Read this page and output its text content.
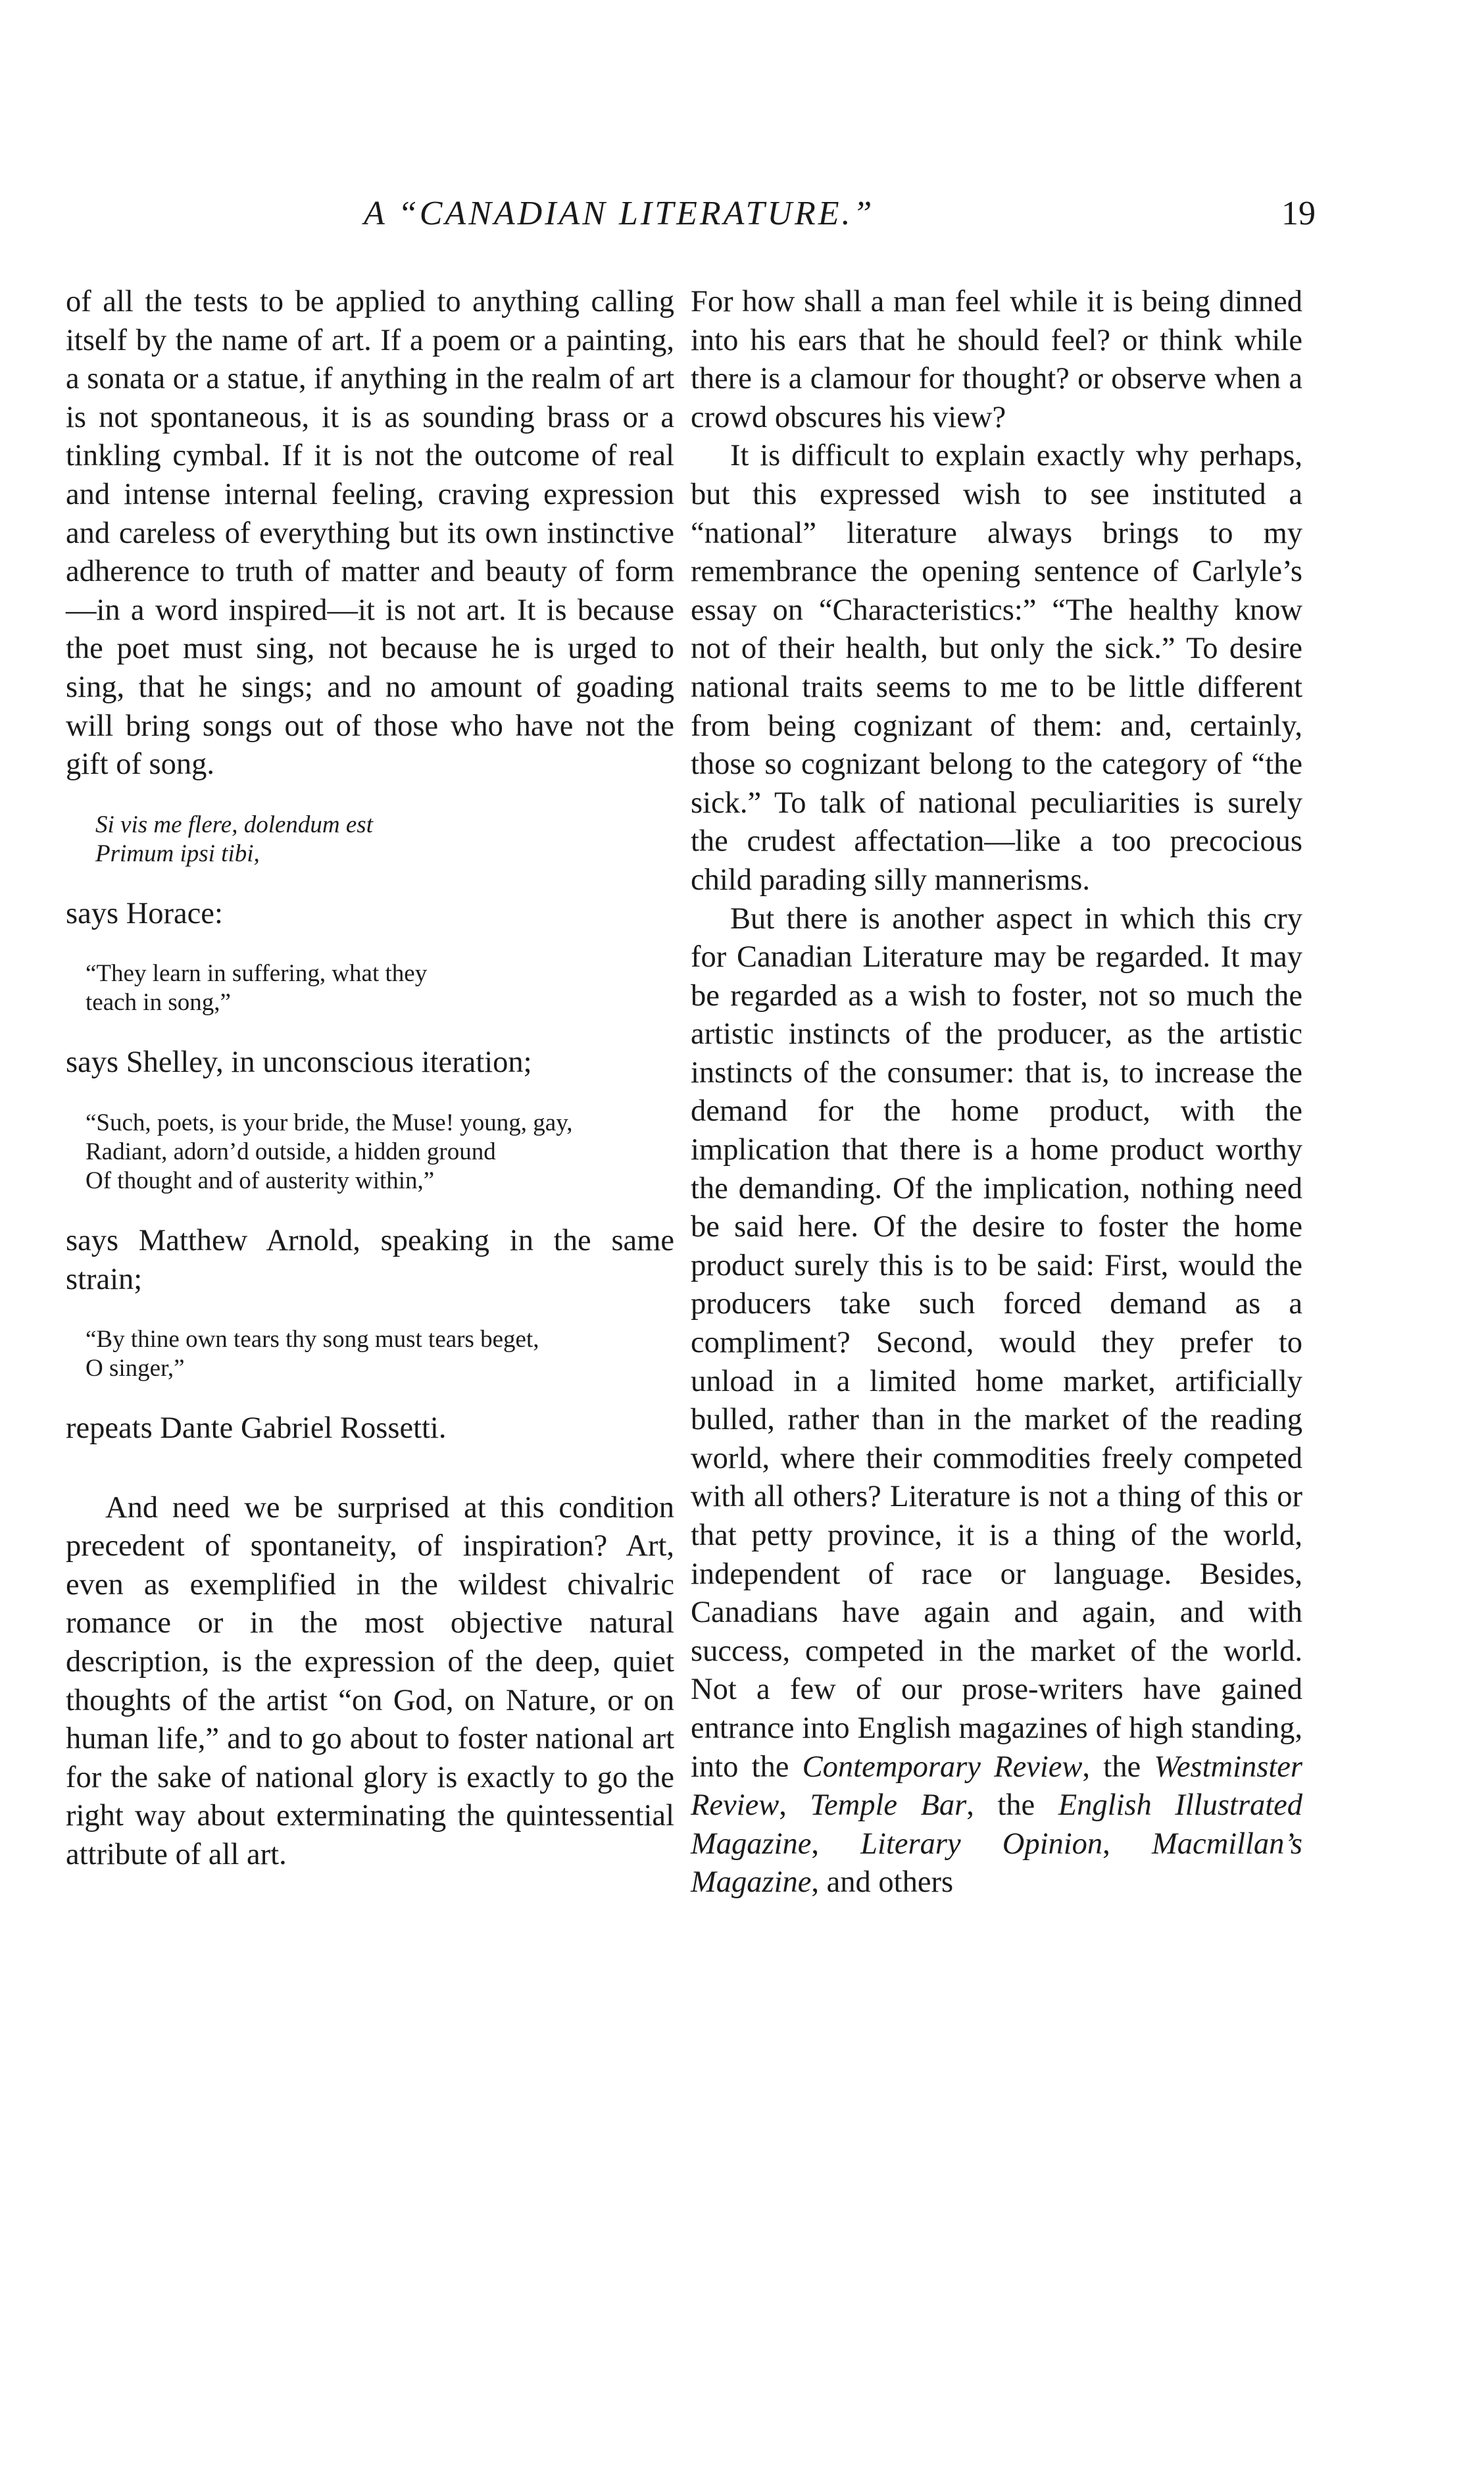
A “CANADIAN LITERATURE.”	19

of all the tests to be applied to anything calling itself by the name of art. If a poem or a painting, a sonata or a statue, if anything in the realm of art is not spontaneous, it is as sounding brass or a tinkling cymbal. If it is not the outcome of real and intense internal feeling, craving expression and careless of everything but its own instinctive adherence to truth of matter and beauty of form—in a word inspired—it is not art. It is because the poet must sing, not because he is urged to sing, that he sings; and no amount of goading will bring songs out of those who have not the gift of song.

Si vis me flere, dolendum est
Primum ipsi tibi,

says Horace:

“They learn in suffering, what they
teach in song,”

says Shelley, in unconscious iteration;

“Such, poets, is your bride, the Muse! young, gay,
Radiant, adorn’d outside, a hidden ground
Of thought and of austerity within,”

says Matthew Arnold, speaking in the same strain;

“By thine own tears thy song must tears beget,
O singer,”

repeats Dante Gabriel Rossetti.

And need we be surprised at this condition precedent of spontaneity, of inspiration? Art, even as exemplified in the wildest chivalric romance or in the most objective natural description, is the expression of the deep, quiet thoughts of the artist “on God, on Nature, or on human life,” and to go about to foster national art for the sake of national glory is exactly to go the right way about exterminating the quintessential attribute of all art.

For how shall a man feel while it is being dinned into his ears that he should feel? or think while there is a clamour for thought? or observe when a crowd obscures his view?

It is difficult to explain exactly why perhaps, but this expressed wish to see instituted a “national” literature always brings to my remembrance the opening sentence of Carlyle’s essay on “Characteristics:” “The healthy know not of their health, but only the sick.” To desire national traits seems to me to be little different from being cognizant of them: and, certainly, those so cognizant belong to the category of “the sick.” To talk of national peculiarities is surely the crudest affectation—like a too precocious child parading silly mannerisms.

But there is another aspect in which this cry for Canadian Literature may be regarded. It may be regarded as a wish to foster, not so much the artistic instincts of the producer, as the artistic instincts of the consumer: that is, to increase the demand for the home product, with the implication that there is a home product worthy the demanding. Of the implication, nothing need be said here. Of the desire to foster the home product surely this is to be said: First, would the producers take such forced demand as a compliment? Second, would they prefer to unload in a limited home market, artificially bulled, rather than in the market of the reading world, where their commodities freely competed with all others? Literature is not a thing of this or that petty province, it is a thing of the world, independent of race or language. Besides, Canadians have again and again, and with success, competed in the market of the world. Not a few of our prose-writers have gained entrance into English magazines of high standing, into the Contemporary Review, the Westminster Review, Temple Bar, the English Illustrated Magazine, Literary Opinion, Macmillan’s Magazine, and others
